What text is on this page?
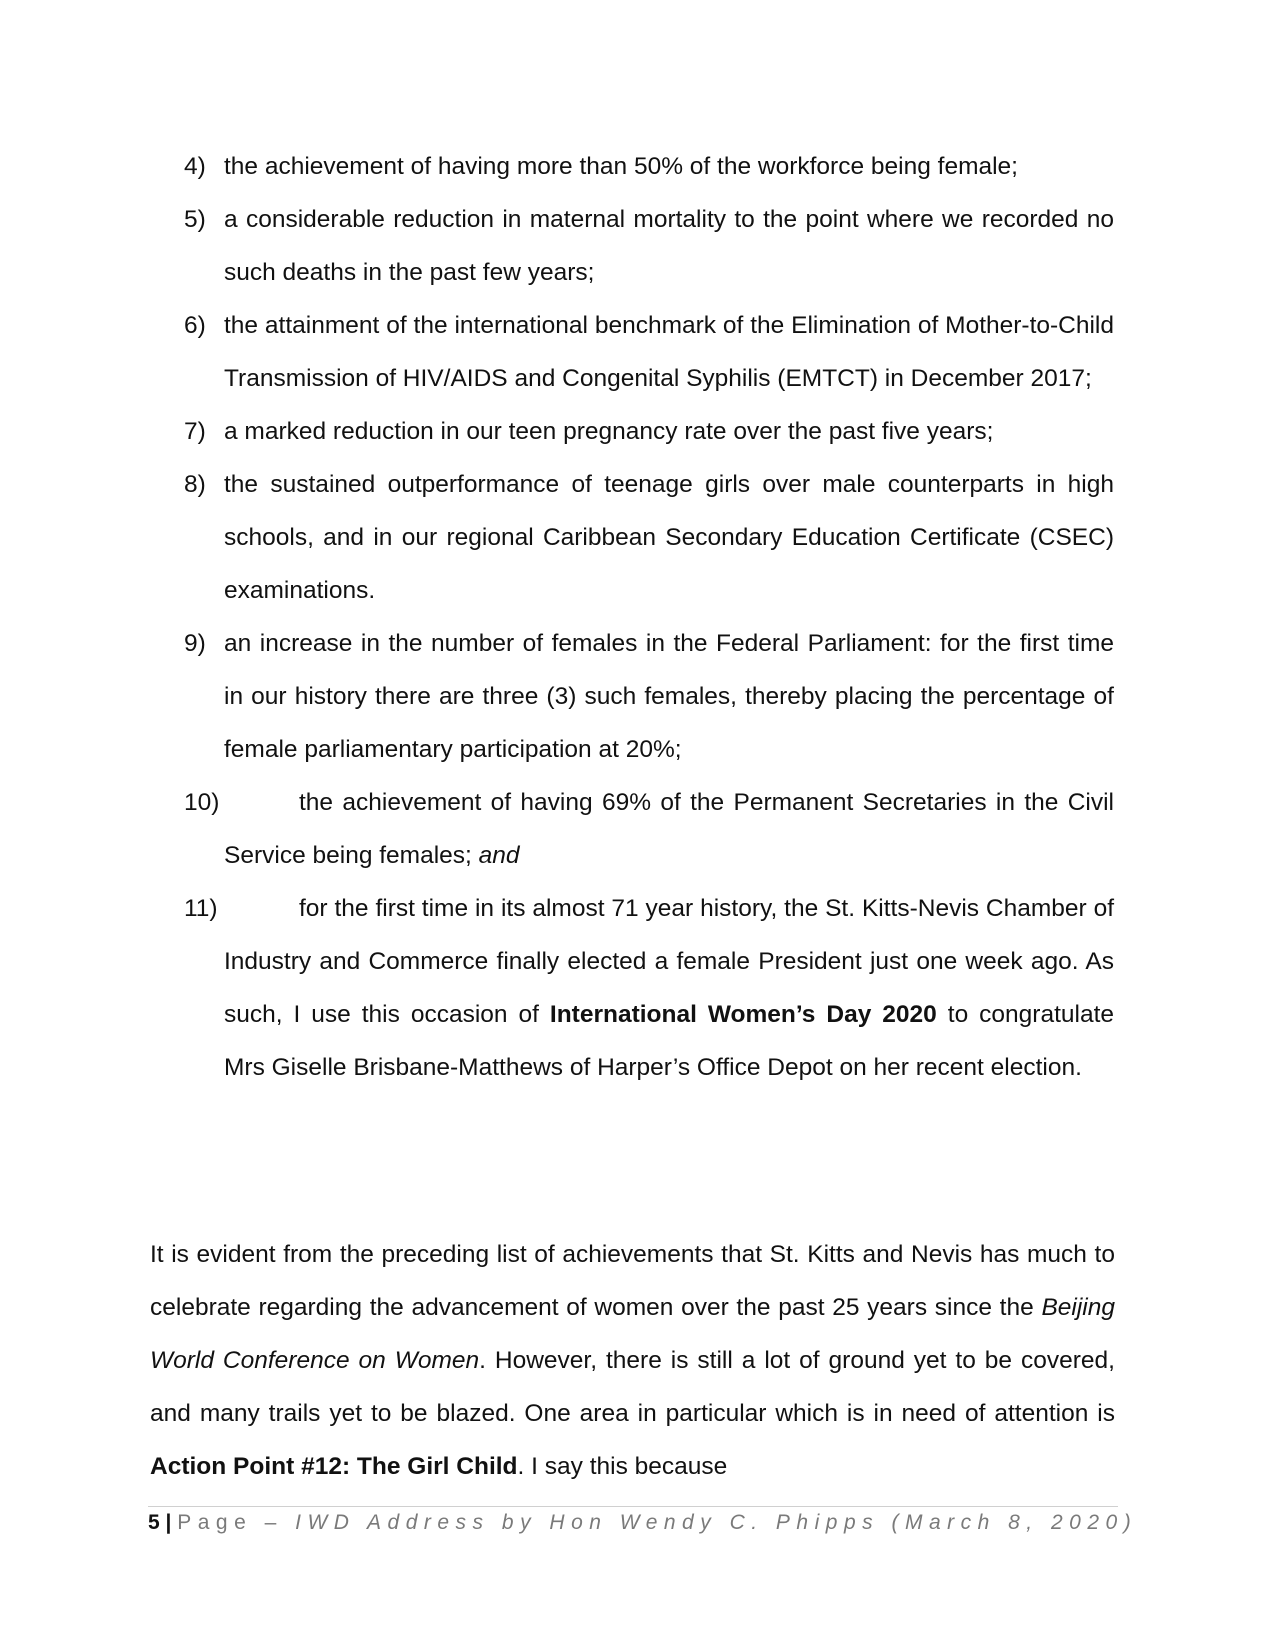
4) the achievement of having more than 50% of the workforce being female;
5) a considerable reduction in maternal mortality to the point where we recorded no such deaths in the past few years;
6) the attainment of the international benchmark of the Elimination of Mother-to-Child Transmission of HIV/AIDS and Congenital Syphilis (EMTCT) in December 2017;
7) a marked reduction in our teen pregnancy rate over the past five years;
8) the sustained outperformance of teenage girls over male counterparts in high schools, and in our regional Caribbean Secondary Education Certificate (CSEC) examinations.
9) an increase in the number of females in the Federal Parliament: for the first time in our history there are three (3) such females, thereby placing the percentage of female parliamentary participation at 20%;
10)	the achievement of having 69% of the Permanent Secretaries in the Civil Service being females; and
11)	for the first time in its almost 71 year history, the St. Kitts-Nevis Chamber of Industry and Commerce finally elected a female President just one week ago. As such, I use this occasion of International Women’s Day 2020 to congratulate Mrs Giselle Brisbane-Matthews of Harper’s Office Depot on her recent election.
It is evident from the preceding list of achievements that St. Kitts and Nevis has much to celebrate regarding the advancement of women over the past 25 years since the Beijing World Conference on Women. However, there is still a lot of ground yet to be covered, and many trails yet to be blazed. One area in particular which is in need of attention is Action Point #12: The Girl Child. I say this because
5 | Page – IWD Address by Hon Wendy C. Phipps (March 8, 2020)
